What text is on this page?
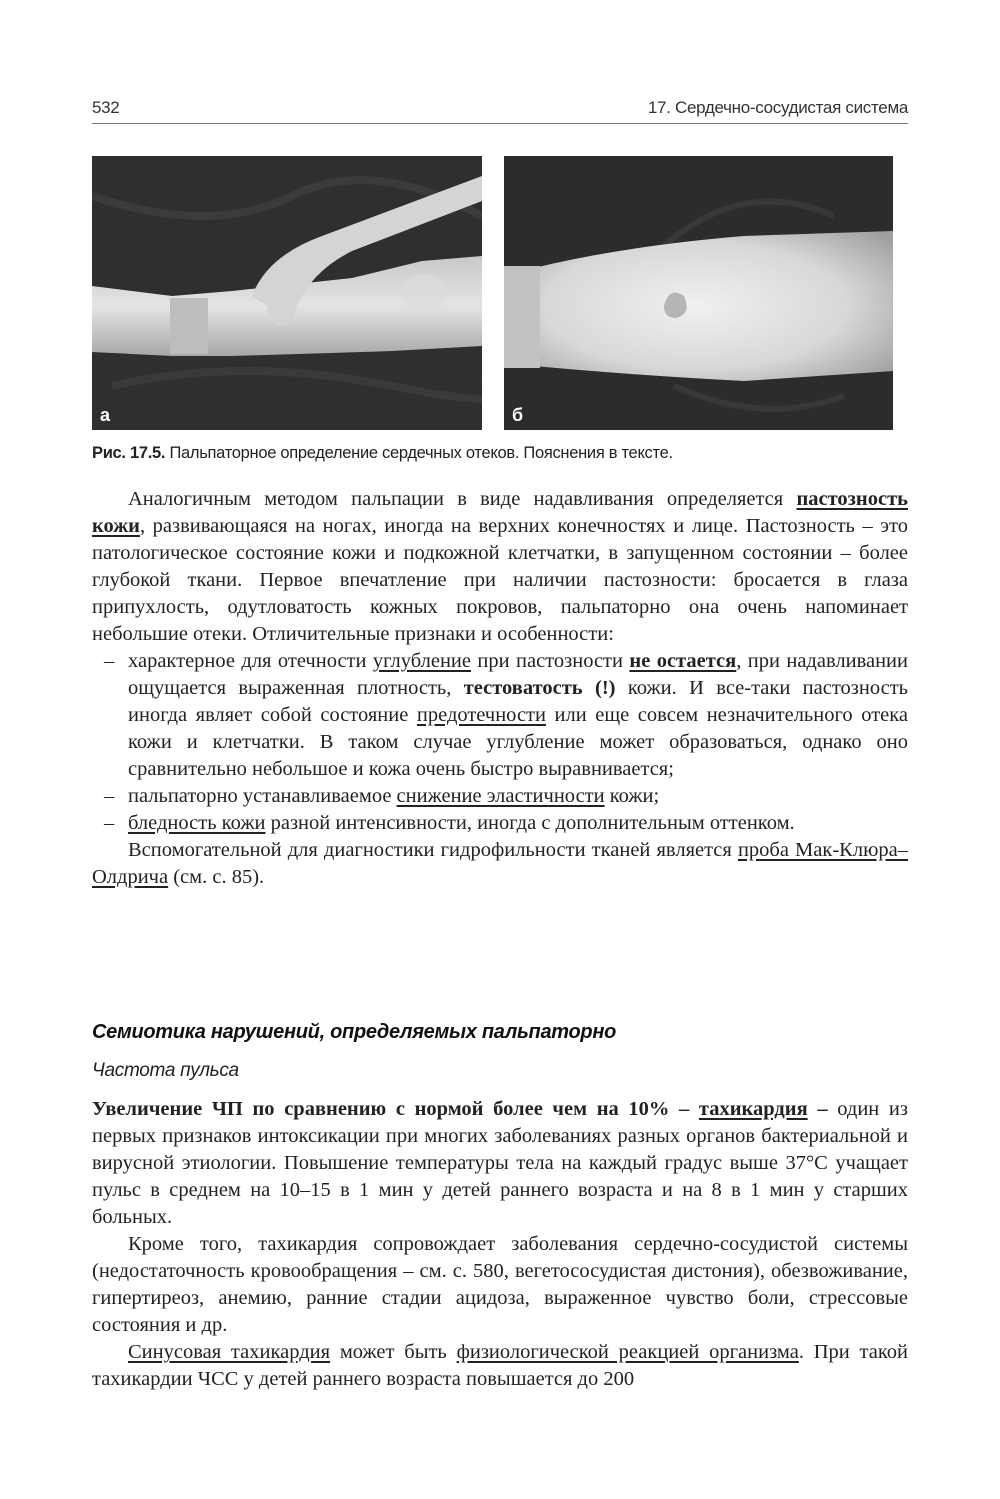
532	17. Сердечно-сосудистая система
а	б
Рис. 17.5. Пальпаторное определение сердечных отеков. Пояснения в тексте.

Аналогичным методом пальпации в виде надавливания определяется пастозность кожи, развивающаяся на ногах, иногда на верхних конечностях и лице. Пастозность – это патологическое состояние кожи и подкожной клетчатки, в запущенном состоянии – более глубокой ткани. Первое впечатление при наличии пастозности: бросается в глаза припухлость, одутловатость кожных покровов, пальпаторно она очень напоминает небольшие отеки. Отличительные признаки и особенности:

– характерное для отечности углубление при пастозности не остается, при надавливании ощущается выраженная плотность, тестоватость (!) кожи. И все-таки пастозность иногда являет собой состояние предотечности или еще совсем незначительного отека кожи и клетчатки. В таком случае углубление может образоваться, однако оно сравнительно небольшое и кожа очень быстро выравнивается;
– пальпаторно устанавливаемое снижение эластичности кожи;
– бледность кожи разной интенсивности, иногда с дополнительным оттенком.

Вспомогательной для диагностики гидрофильности тканей является проба Мак-Клюра–Олдрича (см. с. 85).

Семиотика нарушений, определяемых пальпаторно
Частота пульса

Увеличение ЧП по сравнению с нормой более чем на 10% – тахикардия – один из первых признаков интоксикации при многих заболеваниях разных органов бактериальной и вирусной этиологии. Повышение температуры тела на каждый градус выше 37°C учащает пульс в среднем на 10–15 в 1 мин у детей раннего возраста и на 8 в 1 мин у старших больных.

Кроме того, тахикардия сопровождает заболевания сердечно-сосудистой системы (недостаточность кровообращения – см. с. 580, вегетососудистая дистония), обезвоживание, гипертиреоз, анемию, ранние стадии ацидоза, выраженное чувство боли, стрессовые состояния и др.

Синусовая тахикардия может быть физиологической реакцией организма. При такой тахикардии ЧСС у детей раннего возраста повышается до 200
